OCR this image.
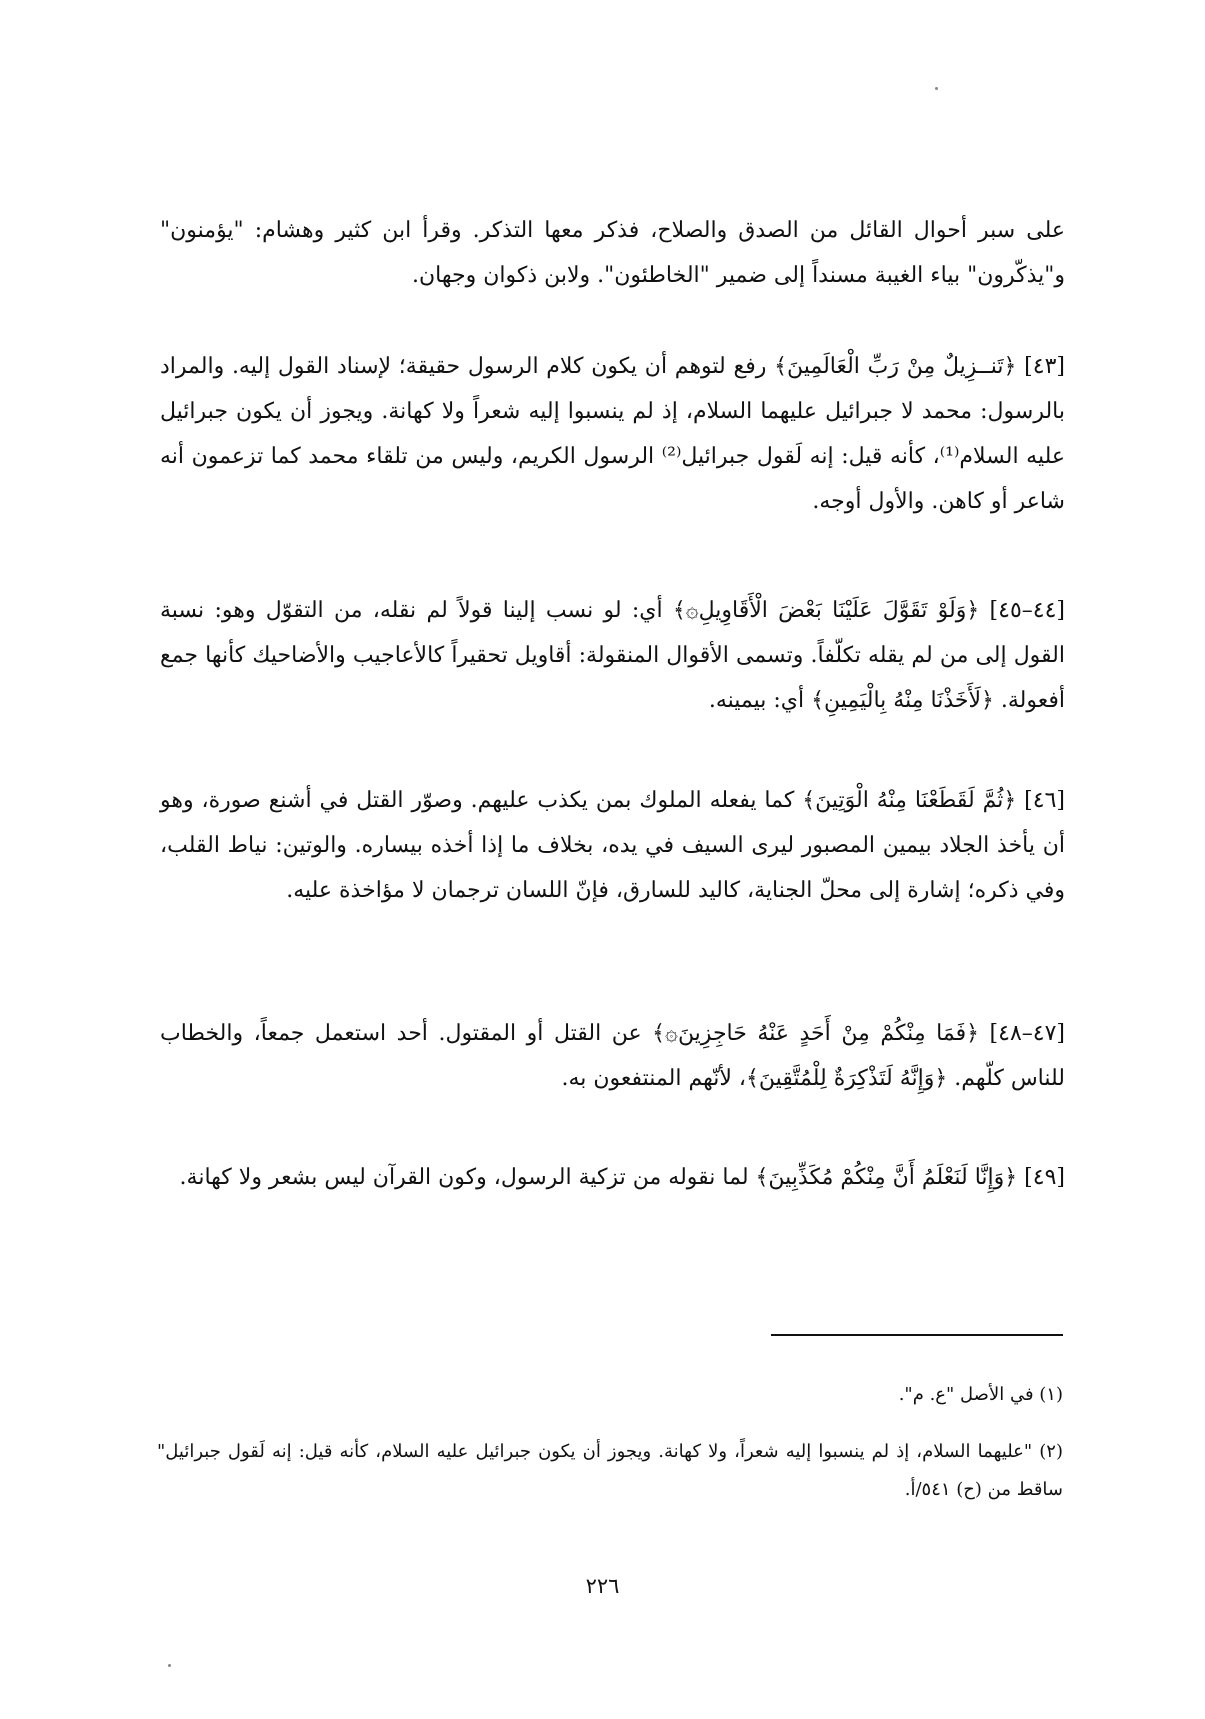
على سبر أحوال القائل من الصدق والصلاح، فذكر معها التذكر. وقرأ ابن كثير وهشام: "يؤمنون" و"يذكّرون" بياء الغيبة مسنداً إلى ضمير "الخاطئون". ولابن ذكوان وجهان.

[٤٣] ﴿تَنــزِيلٌ مِنْ رَبِّ الْعَالَمِينَ﴾ رفع لتوهم أن يكون كلام الرسول حقيقة؛ لإسناد القول إليه. والمراد بالرسول: محمد لا جبرائيل عليهما السلام، إذ لم ينسبوا إليه شعراً ولا كهانة. ويجوز أن يكون جبرائيل عليه السلام⁽¹⁾، كأنه قيل: إنه لَقول جبرائيل⁽²⁾ الرسول الكريم، وليس من تلقاء محمد كما تزعمون أنه شاعر أو كاهن. والأول أوجه.

[٤٤–٤٥] ﴿وَلَوْ تَقَوَّلَ عَلَيْنَا بَعْضَ الْأَقَاوِيلِ۞﴾ أي: لو نسب إلينا قولاً لم نقله، من التقوّل وهو: نسبة القول إلى من لم يقله تكلّفاً. وتسمى الأقوال المنقولة: أقاويل تحقيراً كالأعاجيب والأضاحيك كأنها جمع أفعولة. ﴿لَأَخَذْنَا مِنْهُ بِالْيَمِينِ﴾ أي: بيمينه.

[٤٦] ﴿ثُمَّ لَقَطَعْنَا مِنْهُ الْوَتِينَ﴾ كما يفعله الملوك بمن يكذب عليهم. وصوّر القتل في أشنع صورة، وهو أن يأخذ الجلاد بيمين المصبور ليرى السيف في يده، بخلاف ما إذا أخذه بيساره. والوتين: نياط القلب، وفي ذكره؛ إشارة إلى محلّ الجناية، كاليد للسارق، فإنّ اللسان ترجمان لا مؤاخذة عليه.

[٤٧–٤٨] ﴿فَمَا مِنْكُمْ مِنْ أَحَدٍ عَنْهُ حَاجِزِينَ۞﴾ عن القتل أو المقتول. أحد استعمل جمعاً، والخطاب للناس كلّهم. ﴿وَإِنَّهُ لَتَذْكِرَةٌ لِلْمُتَّقِينَ﴾، لأنّهم المنتفعون به.

[٤٩] ﴿وَإِنَّا لَنَعْلَمُ أَنَّ مِنْكُمْ مُكَذِّبِينَ﴾ لما نقوله من تزكية الرسول، وكون القرآن ليس بشعر ولا كهانة.

(١) في الأصل "ع. م".

(٢) "عليهما السلام، إذ لم ينسبوا إليه شعراً، ولا كهانة. ويجوز أن يكون جبرائيل عليه السلام، كأنه قيل: إنه لَقول جبرائيل" ساقط من (ح) ٥٤١/أ.

٢٢٦
